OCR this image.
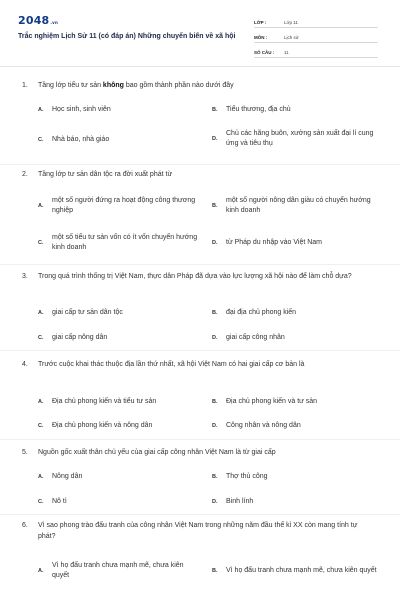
2048.vn
Trắc nghiệm Lịch Sử 11 (có đáp án) Những chuyển biến về xã hội
LỚP :	Lớp 11
MÔN :	Lịch sử
SỐ CÂU :	11
1.	Tầng lớp tiểu tư sản không bao gồm thành phần nào dưới đây
A.	Học sinh, sinh viên	B.	Tiểu thương, địa chủ
C.	Nhà báo, nhà giáo	D.
Chủ các hãng buôn, xưởng sản xuất đại lí cung ứng và tiêu thụ
2.	Tầng lớp tư sản dân tộc ra đời xuất phát từ
A.
một số người đứng ra hoạt động công thương nghiệp
B.
một số người nông dân giàu có chuyển hướng kinh doanh
C.
một số tiểu tư sản vốn có ít vốn chuyển hướng kinh doanh
D.	từ Pháp du nhập vào Việt Nam
3.	Trong quá trình thống trị Việt Nam, thực dân Pháp đã dựa vào lực lượng xã hội nào để làm chỗ dựa?
A.	giai cấp tư sản dân tộc	B.	đại địa chủ phong kiến
C.	giai cấp nông dân	D.	giai cấp công nhân
4.	Trước cuộc khai thác thuộc địa lần thứ nhất, xã hội Việt Nam có hai giai cấp cơ bản là
A.	Địa chủ phong kiến và tiểu tư sản	B.	Địa chủ phong kiến và tư sản
C.	Địa chủ phong kiến và nông dân	D.	Công nhân và nông dân
5.	Nguồn gốc xuất thân chủ yếu của giai cấp công nhân Việt Nam là từ giai cấp
A.	Nông dân	B.	Thợ thủ công
C.	Nô tì	D.	Binh lính
6.	Vì sao phong trào đấu tranh của công nhân Việt Nam trong những năm đầu thế kỉ XX còn mang tính tự phát?
A.
Vì họ đấu tranh chưa mạnh mẽ, chưa kiên quyết
B.	Vì họ đấu tranh chưa mạnh mẽ, chưa kiên quyết
